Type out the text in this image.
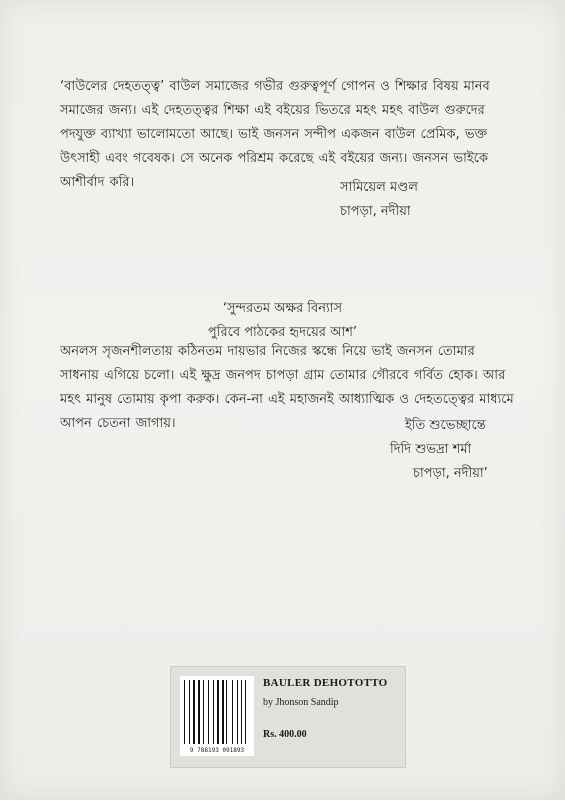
‘বাউলের দেহতত্ত্ব’ বাউল সমাজের গভীর গুরুত্বপূর্ণ গোপন ও শিক্ষার বিষয় মানব সমাজের জন্য। এই দেহতত্ত্বর শিক্ষা এই বইয়ের ভিতরে মহৎ মহৎ বাউল গুরুদের পদযুক্ত ব্যাখ্যা ভালোমতো আছে। ভাই জনসন সন্দীপ একজন বাউল প্রেমিক, ভক্ত উৎসাহী এবং গবেষক। সে অনেক পরিশ্রম করেছে এই বইয়ের জন্য। জনসন ভাইকে আশীর্বাদ করি।	সামিয়েল মণ্ডল
চাপড়া, নদীয়া
‘সুন্দরতম অক্ষর বিন্যাস
পুরিবে পাঠকের হৃদয়ের আশ’
অনলস সৃজনশীলতায় কঠিনতম দায়ভার নিজের স্কন্ধে নিয়ে ভাই জনসন তোমার সাধনায় এগিয়ে চলো। এই ক্ষুদ্র জনপদ চাপড়া গ্রাম তোমার গৌরবে গর্বিত হোক। আর মহৎ মানুষ তোমায় কৃপা করুক। কেন-না এই মহাজনই আধ্যাত্মিক ও দেহতত্ত্বের মাধ্যমে আপন চেতনা জাগায়।	ইতি শুভেচ্ছান্তে
দিদি শুভদ্রা শর্মা
চাপড়া, নদীয়া’
9 788193 091893
BAULER DEHOTOTTO
by Jhonson Sandip
Rs. 400.00
